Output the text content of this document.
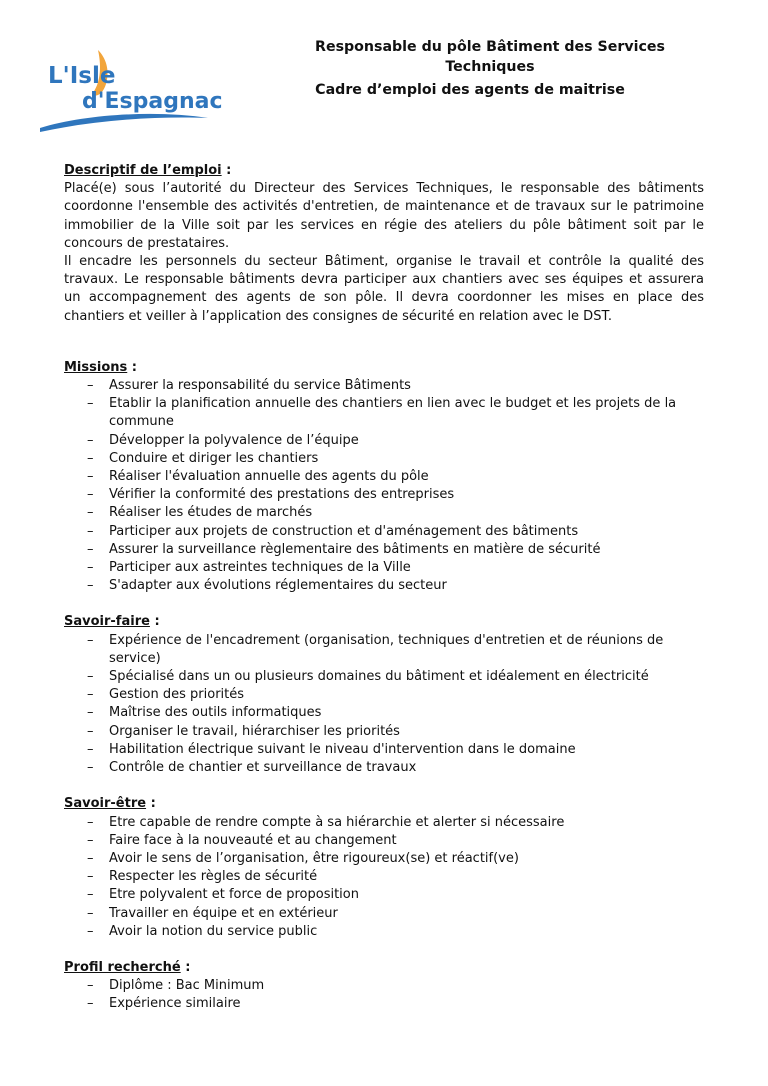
L'Isle
d'Espagnac
Responsable du pôle Bâtiment des Services
Techniques
Cadre d’emploi des agents de maitrise
Descriptif de l’emploi :

Placé(e) sous l’autorité du Directeur des Services Techniques, le responsable des bâtiments coordonne l'ensemble des activités d'entretien, de maintenance et de travaux sur le patrimoine immobilier de la Ville soit par les services en régie des ateliers du pôle bâtiment soit par le concours de prestataires.

Il encadre les personnels du secteur Bâtiment, organise le travail et contrôle la qualité des travaux. Le responsable bâtiments devra participer aux chantiers avec ses équipes et assurera un accompagnement des agents de son pôle. Il devra coordonner les mises en place des chantiers et veiller à l’application des consignes de sécurité en relation avec le DST.

Missions :
– Assurer la responsabilité du service Bâtiments
– Etablir la planification annuelle des chantiers en lien avec le budget et les projets de la commune
– Développer la polyvalence de l’équipe
– Conduire et diriger les chantiers
– Réaliser l'évaluation annuelle des agents du pôle
– Vérifier la conformité des prestations des entreprises
– Réaliser les études de marchés
– Participer aux projets de construction et d'aménagement des bâtiments
– Assurer la surveillance règlementaire des bâtiments en matière de sécurité
– Participer aux astreintes techniques de la Ville
– S'adapter aux évolutions réglementaires du secteur
Savoir-faire :
– Expérience de l'encadrement (organisation, techniques d'entretien et de réunions de service)
– Spécialisé dans un ou plusieurs domaines du bâtiment et idéalement en électricité
– Gestion des priorités
– Maîtrise des outils informatiques
– Organiser le travail, hiérarchiser les priorités
– Habilitation électrique suivant le niveau d'intervention dans le domaine
– Contrôle de chantier et surveillance de travaux
Savoir-être :
– Etre capable de rendre compte à sa hiérarchie et alerter si nécessaire
– Faire face à la nouveauté et au changement
– Avoir le sens de l’organisation, être rigoureux(se) et réactif(ve)
– Respecter les règles de sécurité
– Etre polyvalent et force de proposition
– Travailler en équipe et en extérieur
– Avoir la notion du service public
Profil recherché :
– Diplôme : Bac Minimum
– Expérience similaire
